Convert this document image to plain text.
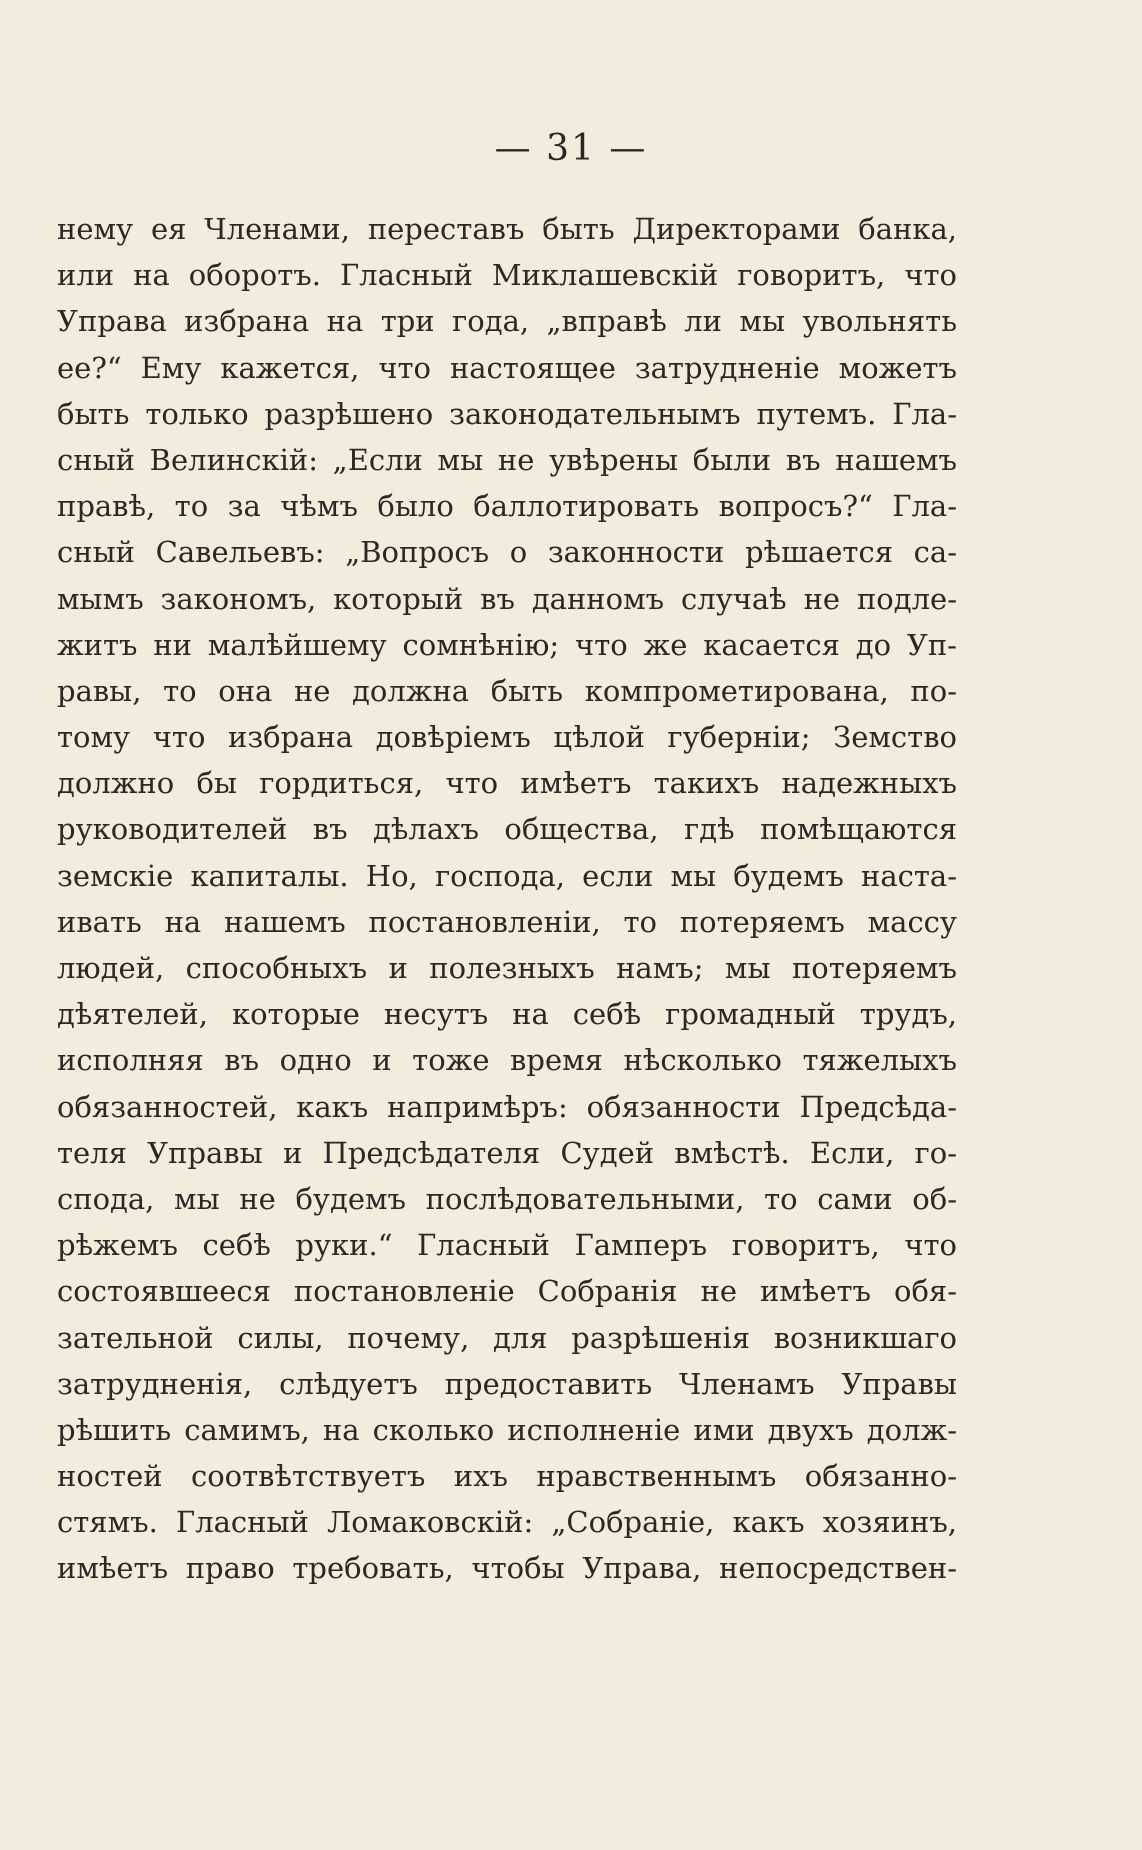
— 31 —
нему ея Членами, переставъ быть Директорами банка,
или на оборотъ. Гласный Миклашевскій говоритъ, что
Управа избрана на три года, „вправѣ ли мы увольнять
ее?“ Ему кажется, что настоящее затрудненіе можетъ
быть только разрѣшено законодательнымъ путемъ. Гла-
сный Велинскій: „Если мы не увѣрены были въ нашемъ
правѣ, то за чѣмъ было баллотировать вопросъ?“ Гла-
сный Савельевъ: „Вопросъ о законности рѣшается са-
мымъ закономъ, который въ данномъ случаѣ не подле-
житъ ни малѣйшему сомнѣнію; что же касается до Уп-
равы, то она не должна быть компрометирована, по-
тому что избрана довѣріемъ цѣлой губерніи; Земство
должно бы гордиться, что имѣетъ такихъ надежныхъ
руководителей въ дѣлахъ общества, гдѣ помѣщаются
земскіе капиталы. Но, господа, если мы будемъ наста-
ивать на нашемъ постановленіи, то потеряемъ массу
людей, способныхъ и полезныхъ намъ; мы потеряемъ
дѣятелей, которые несутъ на себѣ громадный трудъ,
исполняя въ одно и тоже время нѣсколько тяжелыхъ
обязанностей, какъ напримѣръ: обязанности Предсѣда-
теля Управы и Предсѣдателя Судей вмѣстѣ. Если, го-
спода, мы не будемъ послѣдовательными, то сами об-
рѣжемъ себѣ руки.“ Гласный Гамперъ говоритъ, что
состоявшееся постановленіе Собранія не имѣетъ обя-
зательной силы, почему, для разрѣшенія возникшаго
затрудненія, слѣдуетъ предоставить Членамъ Управы
рѣшить самимъ, на сколько исполненіе ими двухъ долж-
ностей соотвѣтствуетъ ихъ нравственнымъ обязанно-
стямъ. Гласный Ломаковскій: „Собраніе, какъ хозяинъ,
имѣетъ право требовать, чтобы Управа, непосредствен-
